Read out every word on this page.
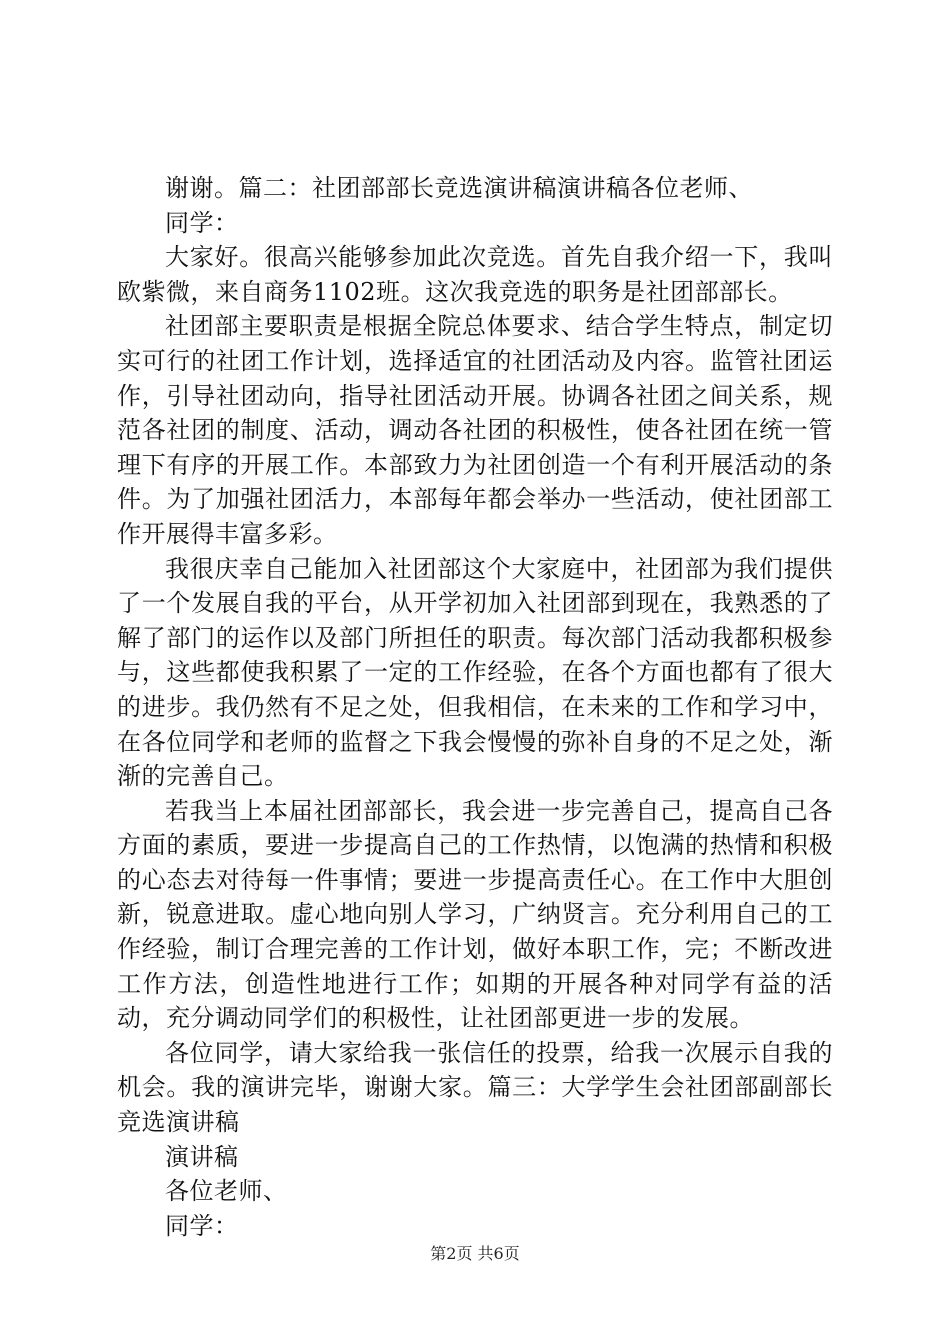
谢谢。篇二：社团部部长竞选演讲稿演讲稿各位老师、

同学：

大家好。很高兴能够参加此次竞选。首先自我介绍一下，我叫欧紫微，来自商务1102班。这次我竞选的职务是社团部部长。

社团部主要职责是根据全院总体要求、结合学生特点，制定切实可行的社团工作计划，选择适宜的社团活动及内容。监管社团运作，引导社团动向，指导社团活动开展。协调各社团之间关系，规范各社团的制度、活动，调动各社团的积极性，使各社团在统一管理下有序的开展工作。本部致力为社团创造一个有利开展活动的条件。为了加强社团活力，本部每年都会举办一些活动，使社团部工作开展得丰富多彩。

我很庆幸自己能加入社团部这个大家庭中，社团部为我们提供了一个发展自我的平台，从开学初加入社团部到现在，我熟悉的了解了部门的运作以及部门所担任的职责。每次部门活动我都积极参与，这些都使我积累了一定的工作经验，在各个方面也都有了很大的进步。我仍然有不足之处，但我相信，在未来的工作和学习中，在各位同学和老师的监督之下我会慢慢的弥补自身的不足之处，渐渐的完善自己。

若我当上本届社团部部长，我会进一步完善自己，提高自己各方面的素质，要进一步提高自己的工作热情，以饱满的热情和积极的心态去对待每一件事情；要进一步提高责任心。在工作中大胆创新，锐意进取。虚心地向别人学习，广纳贤言。充分利用自己的工作经验，制订合理完善的工作计划，做好本职工作，完；不断改进工作方法，创造性地进行工作；如期的开展各种对同学有益的活动，充分调动同学们的积极性，让社团部更进一步的发展。

各位同学，请大家给我一张信任的投票，给我一次展示自我的机会。我的演讲完毕，谢谢大家。篇三：大学学生会社团部副部长竞选演讲稿

演讲稿

各位老师、

同学：

第2页 共6页
